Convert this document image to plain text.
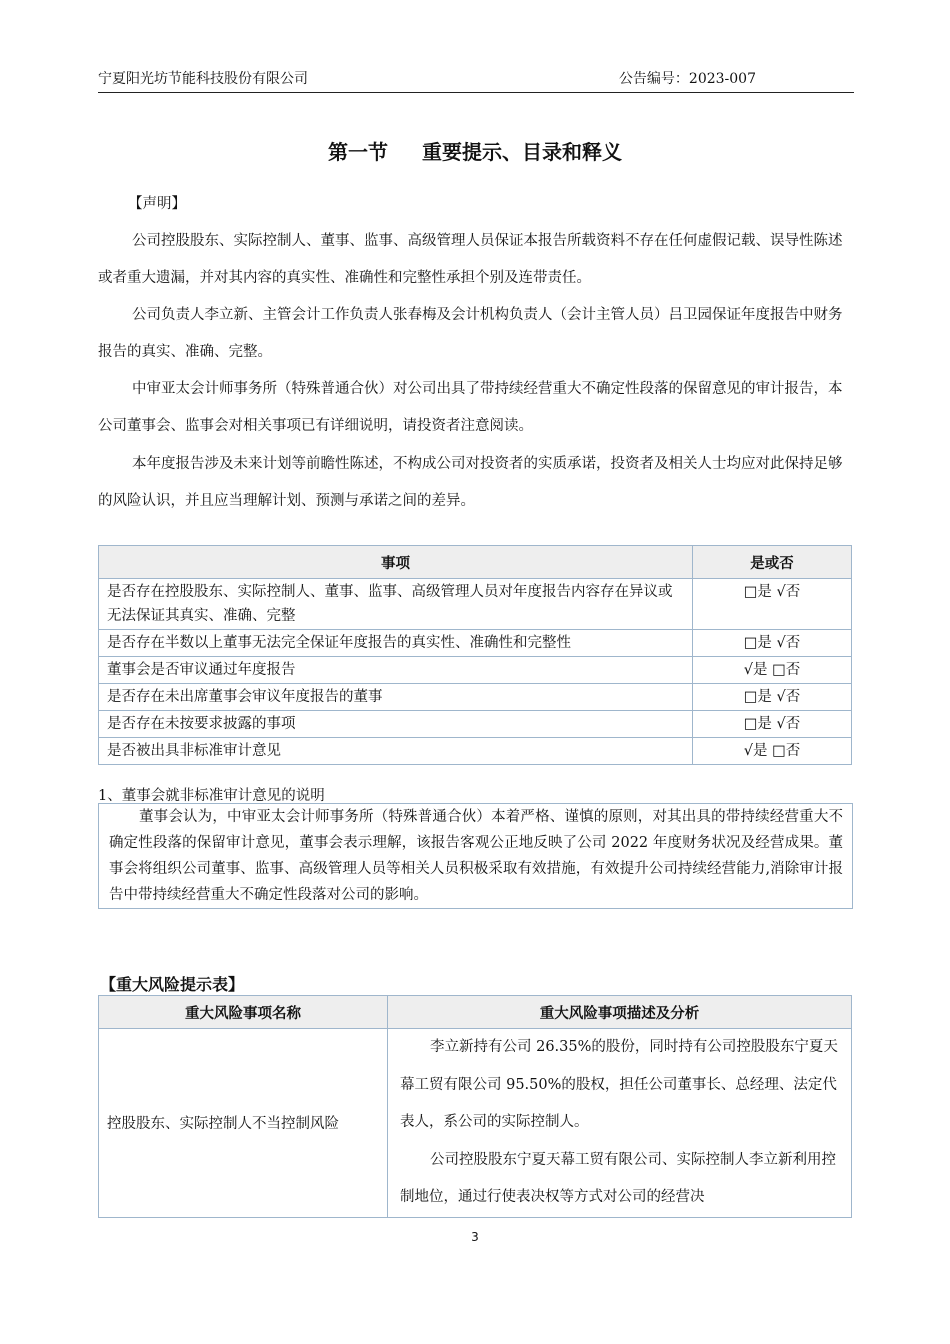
宁夏阳光坊节能科技股份有限公司	公告编号：2023-007
第一节 重要提示、目录和释义
【声明】
公司控股股东、实际控制人、董事、监事、高级管理人员保证本报告所载资料不存在任何虚假记载、误导性陈述或者重大遗漏，并对其内容的真实性、准确性和完整性承担个别及连带责任。
公司负责人李立新、主管会计工作负责人张春梅及会计机构负责人（会计主管人员）吕卫园保证年度报告中财务报告的真实、准确、完整。
中审亚太会计师事务所（特殊普通合伙）对公司出具了带持续经营重大不确定性段落的保留意见的审计报告，本公司董事会、监事会对相关事项已有详细说明，请投资者注意阅读。
本年度报告涉及未来计划等前瞻性陈述，不构成公司对投资者的实质承诺，投资者及相关人士均应对此保持足够的风险认识，并且应当理解计划、预测与承诺之间的差异。
事项	是或否
是否存在控股股东、实际控制人、董事、监事、高级管理人员对年度报告内容存在异议或无法保证其真实、准确、完整	□是 √否
是否存在半数以上董事无法完全保证年度报告的真实性、准确性和完整性	□是 √否
董事会是否审议通过年度报告	√是 □否
是否存在未出席董事会审议年度报告的董事	□是 √否
是否存在未按要求披露的事项	□是 √否
是否被出具非标准审计意见	√是 □否
1、董事会就非标准审计意见的说明
董事会认为，中审亚太会计师事务所（特殊普通合伙）本着严格、谨慎的原则，对其出具的带持续经营重大不确定性段落的保留审计意见，董事会表示理解，该报告客观公正地反映了公司 2022 年度财务状况及经营成果。董事会将组织公司董事、监事、高级管理人员等相关人员积极采取有效措施，有效提升公司持续经营能力,消除审计报告中带持续经营重大不确定性段落对公司的影响。
【重大风险提示表】
重大风险事项名称	重大风险事项描述及分析
控股股东、实际控制人不当控制风险	李立新持有公司 26.35%的股份，同时持有公司控股股东宁夏天幕工贸有限公司 95.50%的股权，担任公司董事长、总经理、法定代表人，系公司的实际控制人。

公司控股股东宁夏天幕工贸有限公司、实际控制人李立新利用控制地位，通过行使表决权等方式对公司的经营决

3
